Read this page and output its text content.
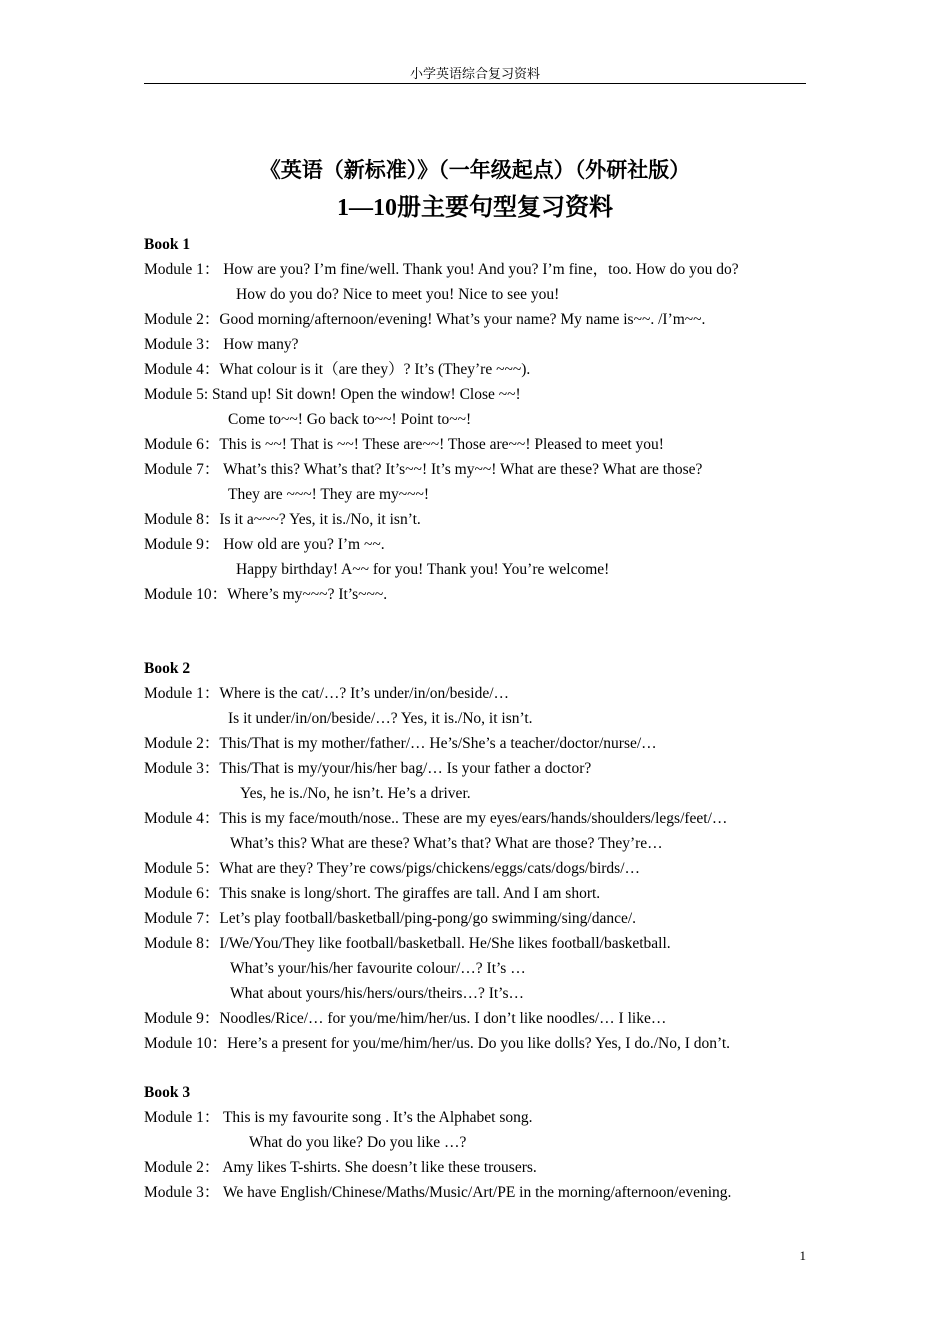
小学英语综合复习资料
《英语（新标准）》（一年级起点）（外研社版）
1—10册主要句型复习资料
Book 1
Module 1： How are you? I’m fine/well. Thank you! And you? I’m fine，too. How do you do?
How do you do? Nice to meet you! Nice to see you!
Module 2：Good morning/afternoon/evening! What’s your name? My name is~~. /I’m~~.
Module 3： How many?
Module 4：What colour is it（are they）? It’s (They’re ~~~).
Module 5: Stand up! Sit down! Open the window! Close ~~!
Come to~~! Go back to~~! Point to~~!
Module 6：This is ~~! That is ~~! These are~~! Those are~~! Pleased to meet you!
Module 7： What’s this? What’s that? It’s~~! It’s my~~! What are these? What are those?
They are ~~~! They are my~~~!
Module 8：Is it a~~~? Yes, it is./No, it isn’t.
Module 9： How old are you? I’m ~~.
Happy birthday! A~~ for you! Thank you! You’re welcome!
Module 10：Where’s my~~~? It’s~~~.
Book 2
Module 1：Where is the cat/…? It’s under/in/on/beside/…
Is it under/in/on/beside/…? Yes, it is./No, it isn’t.
Module 2：This/That is my mother/father/… He’s/She’s a teacher/doctor/nurse/…
Module 3：This/That is my/your/his/her bag/… Is your father a doctor?
Yes, he is./No, he isn’t. He’s a driver.
Module 4：This is my face/mouth/nose.. These are my eyes/ears/hands/shoulders/legs/feet/…
What’s this? What are these? What’s that? What are those? They’re…
Module 5：What are they? They’re cows/pigs/chickens/eggs/cats/dogs/birds/…
Module 6：This snake is long/short. The giraffes are tall. And I am short.
Module 7：Let’s play football/basketball/ping-pong/go swimming/sing/dance/.
Module 8：I/We/You/They like football/basketball. He/She likes football/basketball.
What’s your/his/her favourite colour/…? It’s …
What about yours/his/hers/ours/theirs…? It’s…
Module 9：Noodles/Rice/… for you/me/him/her/us. I don’t like noodles/… I like…
Module 10：Here’s a present for you/me/him/her/us. Do you like dolls? Yes, I do./No, I don’t.
Book 3
Module 1： This is my favourite song . It’s the Alphabet song.
What do you like? Do you like …?
Module 2： Amy likes T-shirts. She doesn’t like these trousers.
Module 3： We have English/Chinese/Maths/Music/Art/PE in the morning/afternoon/evening.
1
